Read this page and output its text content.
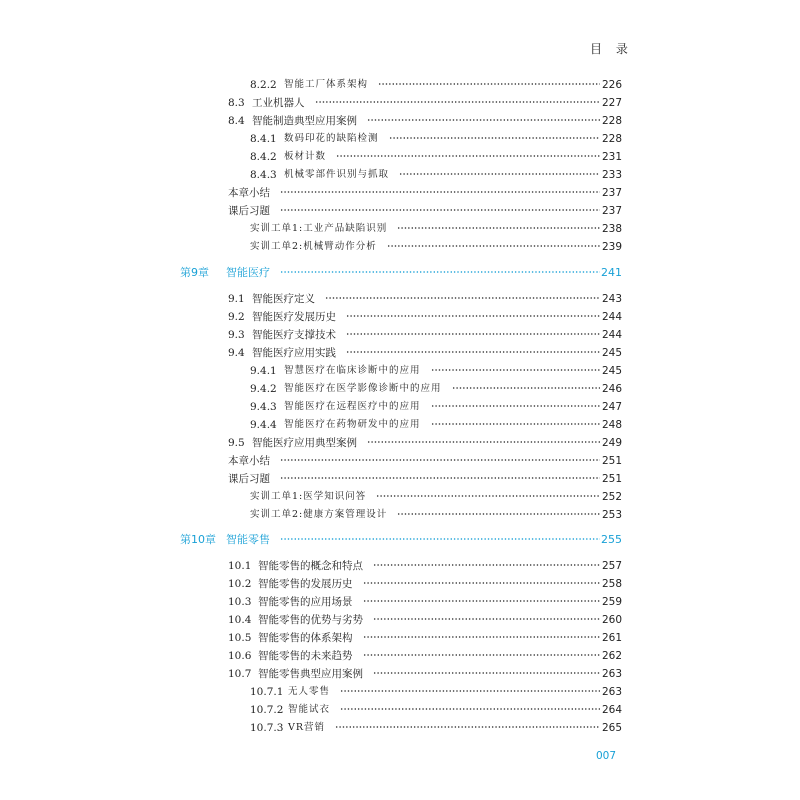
目 录
8.2.2 智能工厂体系架构	226
8.3 工业机器人	227
8.4 智能制造典型应用案例	228
8.4.1 数码印花的缺陷检测	228
8.4.2 板材计数	231
8.4.3 机械零部件识别与抓取	233
本章小结	237
课后习题	237
实训工单1:工业产品缺陷识别	238
实训工单2:机械臂动作分析	239
第9章 智能医疗	241
9.1 智能医疗定义	243
9.2 智能医疗发展历史	244
9.3 智能医疗支撑技术	244
9.4 智能医疗应用实践	245
9.4.1 智慧医疗在临床诊断中的应用	245
9.4.2 智能医疗在医学影像诊断中的应用	246
9.4.3 智能医疗在远程医疗中的应用	247
9.4.4 智能医疗在药物研发中的应用	248
9.5 智能医疗应用典型案例	249
本章小结	251
课后习题	251
实训工单1:医学知识问答	252
实训工单2:健康方案管理设计	253
第10章 智能零售	255
10.1 智能零售的概念和特点	257
10.2 智能零售的发展历史	258
10.3 智能零售的应用场景	259
10.4 智能零售的优势与劣势	260
10.5 智能零售的体系架构	261
10.6 智能零售的未来趋势	262
10.7 智能零售典型应用案例	263
10.7.1 无人零售	263
10.7.2 智能试衣	264
10.7.3 VR营销	265
007
